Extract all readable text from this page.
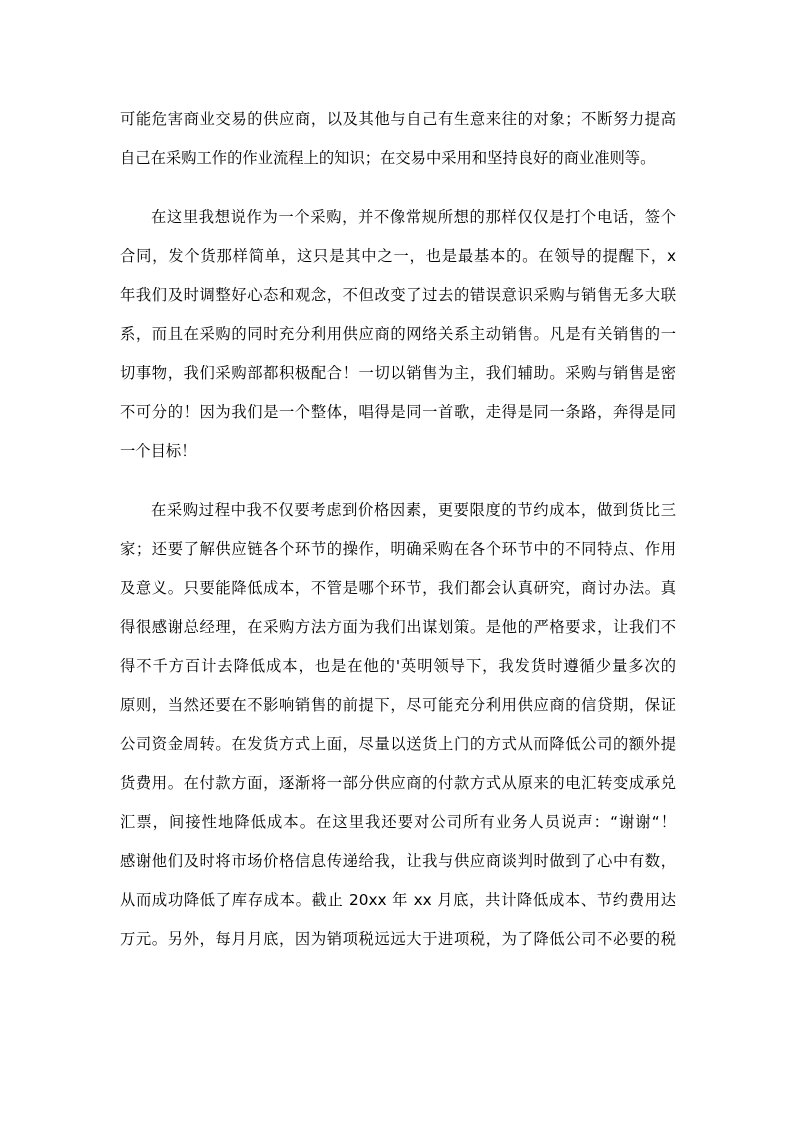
可能危害商业交易的供应商，以及其他与自己有生意来往的对象；不断努力提高
自己在采购工作的作业流程上的知识；在交易中采用和坚持良好的商业准则等。
在这里我想说作为一个采购，并不像常规所想的那样仅仅是打个电话，签个
合同，发个货那样简单，这只是其中之一，也是最基本的。在领导的提醒下，x
年我们及时调整好心态和观念，不但改变了过去的错误意识采购与销售无多大联
系，而且在采购的同时充分利用供应商的网络关系主动销售。凡是有关销售的一
切事物，我们采购部都积极配合！一切以销售为主，我们辅助。采购与销售是密
不可分的！因为我们是一个整体，唱得是同一首歌，走得是同一条路，奔得是同
一个目标！
在采购过程中我不仅要考虑到价格因素，更要限度的节约成本，做到货比三
家；还要了解供应链各个环节的操作，明确采购在各个环节中的不同特点、作用
及意义。只要能降低成本，不管是哪个环节，我们都会认真研究，商讨办法。真
得很感谢总经理，在采购方法方面为我们出谋划策。是他的严格要求，让我们不
得不千方百计去降低成本，也是在他的'英明领导下，我发货时遵循少量多次的
原则，当然还要在不影响销售的前提下，尽可能充分利用供应商的信贷期，保证
公司资金周转。在发货方式上面，尽量以送货上门的方式从而降低公司的额外提
货费用。在付款方面，逐渐将一部分供应商的付款方式从原来的电汇转变成承兑
汇票，间接性地降低成本。在这里我还要对公司所有业务人员说声：“谢谢“！
感谢他们及时将市场价格信息传递给我，让我与供应商谈判时做到了心中有数，
从而成功降低了库存成本。截止 20xx 年 xx 月底，共计降低成本、节约费用达
万元。另外，每月月底，因为销项税远远大于进项税，为了降低公司不必要的税
